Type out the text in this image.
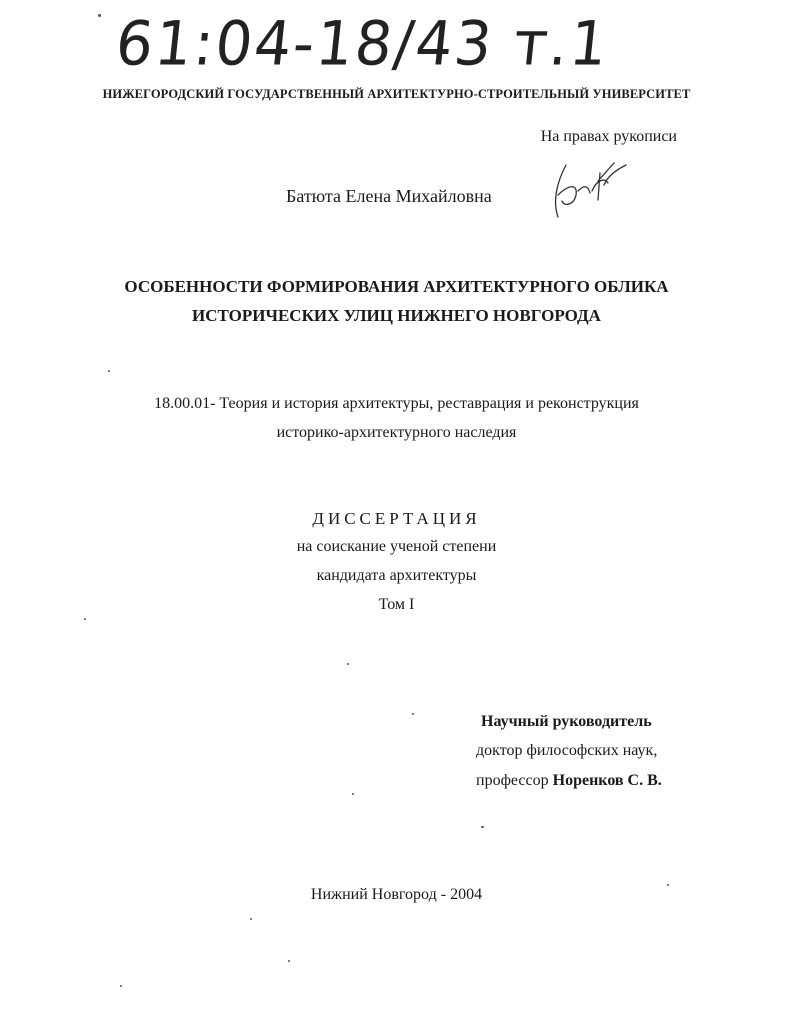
61:04-18/43 т.1
НИЖЕГОРОДСКИЙ ГОСУДАРСТВЕННЫЙ АРХИТЕКТУРНО-СТРОИТЕЛЬНЫЙ УНИВЕРСИТЕТ
На правах рукописи
Батюта Елена Михайловна
ОСОБЕННОСТИ ФОРМИРОВАНИЯ АРХИТЕКТУРНОГО ОБЛИКА
ИСТОРИЧЕСКИХ УЛИЦ НИЖНЕГО НОВГОРОДА
18.00.01- Теория и история архитектуры, реставрация и реконструкция
историко-архитектурного наследия
ДИССЕРТАЦИЯ
на соискание ученой степени
кандидата архитектуры
Том I
Научный руководитель
доктор философских наук,
профессор Норенков С. В.
Нижний Новгород - 2004
